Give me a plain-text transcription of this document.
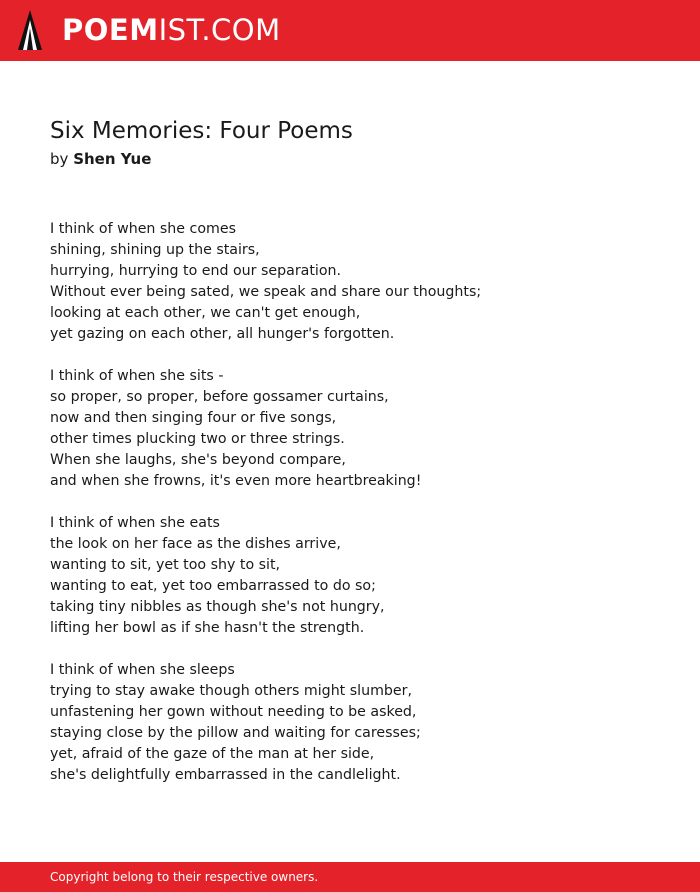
POEMIST.COM
Six Memories: Four Poems
by Shen Yue
I think of when she comes
shining, shining up the stairs,
hurrying, hurrying to end our separation.
Without ever being sated, we speak and share our thoughts;
looking at each other, we can't get enough,
yet gazing on each other, all hunger's forgotten.
I think of when she sits -
so proper, so proper, before gossamer curtains,
now and then singing four or five songs,
other times plucking two or three strings.
When she laughs, she's beyond compare,
and when she frowns, it's even more heartbreaking!
I think of when she eats
the look on her face as the dishes arrive,
wanting to sit, yet too shy to sit,
wanting to eat, yet too embarrassed to do so;
taking tiny nibbles as though she's not hungry,
lifting her bowl as if she hasn't the strength.
I think of when she sleeps
trying to stay awake though others might slumber,
unfastening her gown without needing to be asked,
staying close by the pillow and waiting for caresses;
yet, afraid of the gaze of the man at her side,
she's delightfully embarrassed in the candlelight.
Copyright belong to their respective owners.
